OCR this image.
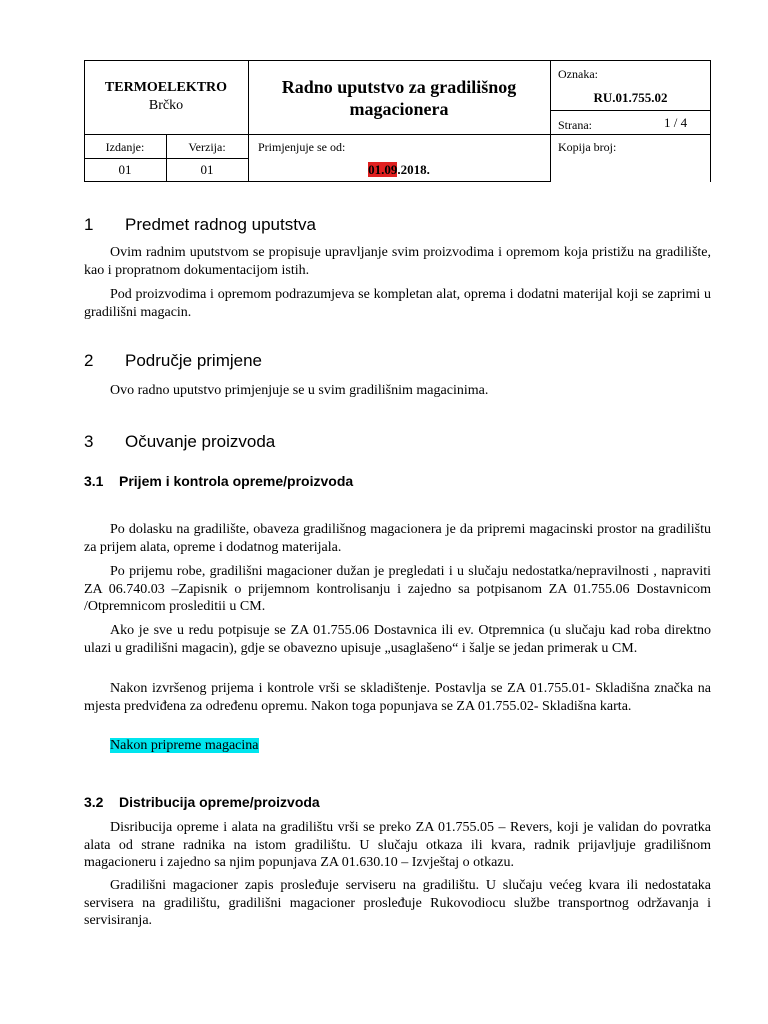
TERMOELEKTRO
Brčko
Radno uputstvo za gradilišnog magacionera
Oznaka:
RU.01.755.02
Strana:	1 / 4
Izdanje:
01
Verzija:
01
Primjenjuje se od:
01.09.2018.
Kopija broj:
1 Predmet radnog uputstva

Ovim radnim uputstvom se propisuje upravljanje svim proizvodima i opremom koja pristižu na gradilište, kao i propratnom dokumentacijom istih.

Pod proizvodima i opremom podrazumjeva se kompletan alat, oprema i dodatni materijal koji se zaprimi u gradilišni magacin.

2 Područje primjene

Ovo radno uputstvo primjenjuje se u svim gradilišnim magacinima.

3 Očuvanje proizvoda
3.1 Prijem i kontrola opreme/proizvoda

Po dolasku na gradilište, obaveza gradilišnog magacionera je da pripremi magacinski prostor na gradilištu za prijem alata, opreme i dodatnog materijala.

Po prijemu robe, gradilišni magacioner dužan je pregledati i u slučaju nedostatka/nepravilnosti , napraviti ZA 06.740.03 –Zapisnik o prijemnom kontrolisanju i zajedno sa potpisanom ZA 01.755.06 Dostavnicom /Otpremnicom prosleditii u CM.

Ako je sve u redu potpisuje se ZA 01.755.06 Dostavnica ili ev. Otpremnica (u slučaju kad roba direktno ulazi u gradilišni magacin), gdje se obavezno upisuje „usaglašeno“ i šalje se jedan primerak u CM.

Nakon izvršenog prijema i kontrole vrši se skladištenje. Postavlja se ZA 01.755.01- Skladišna značka na mjesta predviđena za određenu opremu. Nakon toga popunjava se ZA 01.755.02- Skladišna karta.

Nakon pripreme magacina

3.2 Distribucija opreme/proizvoda

Disribucija opreme i alata na gradilištu vrši se preko ZA 01.755.05 – Revers, koji je validan do povratka alata od strane radnika na istom gradilištu. U slučaju otkaza ili kvara, radnik prijavljuje gradilišnom magacioneru i zajedno sa njim popunjava ZA 01.630.10 – Izvještaj o otkazu.

Gradilišni magacioner zapis prosleđuje serviseru na gradilištu. U slučaju većeg kvara ili nedostataka servisera na gradilištu, gradilišni magacioner prosleđuje Rukovodiocu službe transportnog održavanja i servisiranja.
